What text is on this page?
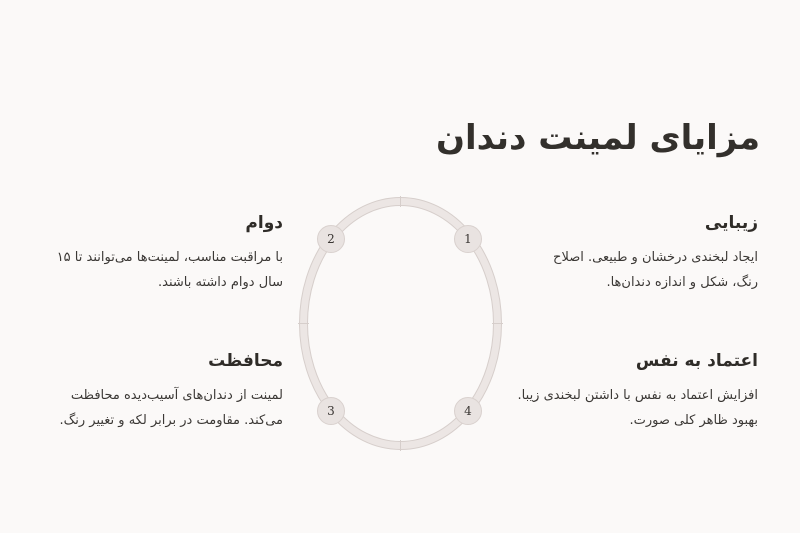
مزایای لمینت دندان
1
2
3	4
زیبایی

ایجاد لبخندی درخشان و طبیعی. اصلاح رنگ، شکل و اندازه دندان‌ها.

دوام

با مراقبت مناسب، لمینت‌ها می‌توانند تا ۱۵ سال دوام داشته باشند.

محافظت

لمینت از دندان‌های آسیب‌دیده محافظت می‌کند. مقاومت در برابر لکه و تغییر رنگ.

اعتماد به نفس

افزایش اعتماد به نفس با داشتن لبخندی زیبا. بهبود ظاهر کلی صورت.
